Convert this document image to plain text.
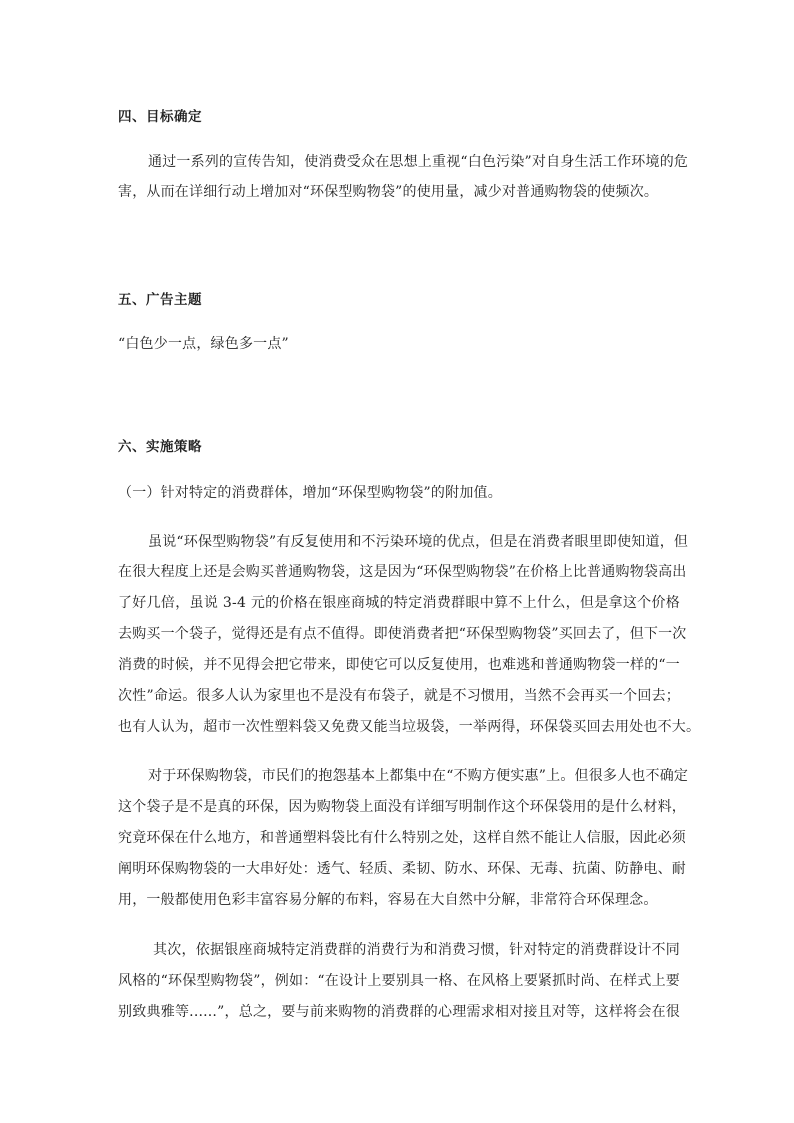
四、目标确定

通过一系列的宣传告知，使消费受众在思想上重视“白色污染”对自身生活工作环境的危

害，从而在详细行动上增加对“环保型购物袋”的使用量，减少对普通购物袋的使频次。

五、广告主题

“白色少一点，绿色多一点”

六、实施策略

（一）针对特定的消费群体，增加“环保型购物袋”的附加值。

虽说“环保型购物袋”有反复使用和不污染环境的优点，但是在消费者眼里即使知道，但

在很大程度上还是会购买普通购物袋，这是因为“环保型购物袋”在价格上比普通购物袋高出

了好几倍，虽说 3-4 元的价格在银座商城的特定消费群眼中算不上什么，但是拿这个价格

去购买一个袋子，觉得还是有点不值得。即使消费者把“环保型购物袋”买回去了，但下一次

消费的时候，并不见得会把它带来，即使它可以反复使用，也难逃和普通购物袋一样的“一

次性”命运。很多人认为家里也不是没有布袋子，就是不习惯用，当然不会再买一个回去；

也有人认为，超市一次性塑料袋又免费又能当垃圾袋，一举两得，环保袋买回去用处也不大。

对于环保购物袋，市民们的抱怨基本上都集中在“不购方便实惠”上。但很多人也不确定

这个袋子是不是真的环保，因为购物袋上面没有详细写明制作这个环保袋用的是什么材料，

究竟环保在什么地方，和普通塑料袋比有什么特别之处，这样自然不能让人信服，因此必须

阐明环保购物袋的一大串好处：透气、轻质、柔韧、防水、环保、无毒、抗菌、防静电、耐

用，一般都使用色彩丰富容易分解的布料，容易在大自然中分解，非常符合环保理念。

其次，依据银座商城特定消费群的消费行为和消费习惯，针对特定的消费群设计不同

风格的“环保型购物袋”，例如：“在设计上要别具一格、在风格上要紧抓时尚、在样式上要

别致典雅等......”，总之，要与前来购物的消费群的心理需求相对接且对等，这样将会在很
